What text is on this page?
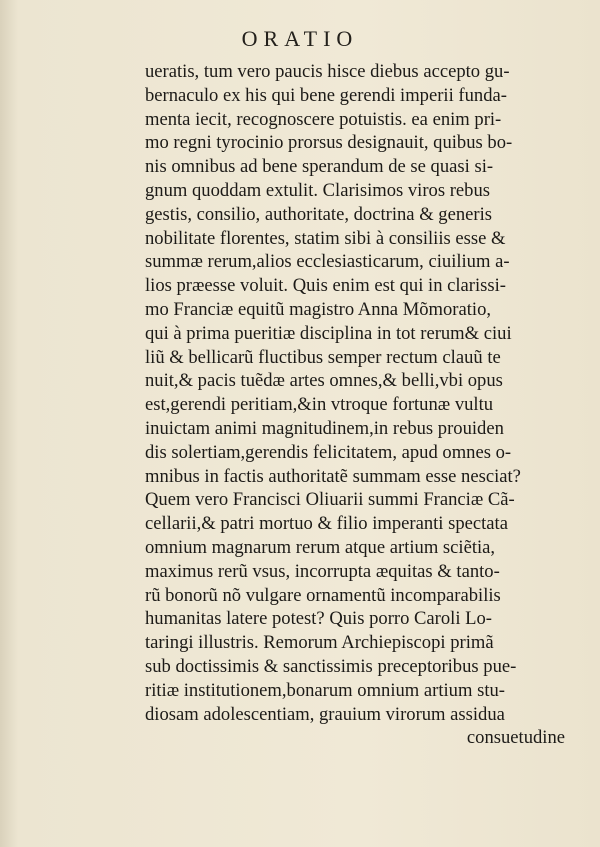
ORATIO
ueratis, tum vero paucis hisce diebus accepto gu-
bernaculo ex his qui bene gerendi imperii funda-
menta iecit, recognoscere potuistis. ea enim pri-
mo regni tyrocinio prorsus designauit, quibus bo-
nis omnibus ad bene sperandum de se quasi si-
gnum quoddam extulit. Clarisimos viros rebus
gestis, consilio, authoritate, doctrina & generis
nobilitate florentes, statim sibi à consiliis esse &
summæ rerum,alios ecclesiasticarum, ciuilium a-
lios præesse voluit. Quis enim est qui in clarissi-
mo Franciæ equitũ magistro Anna Mõmoratio,
qui à prima pueritiæ disciplina in tot rerum& ciui
liũ & bellicarũ fluctibus semper rectum clauũ te
nuit,& pacis tuẽdæ artes omnes,& belli,vbi opus
est,gerendi peritiam,&in vtroque fortunæ vultu
inuictam animi magnitudinem,in rebus prouiden
dis solertiam,gerendis felicitatem, apud omnes o-
mnibus in factis authoritatẽ summam esse nesciat?
Quem vero Francisci Oliuarii summi Franciæ Cã-
cellarii,& patri mortuo & filio imperanti spectata
omnium magnarum rerum atque artium sciẽtia,
maximus rerũ vsus, incorrupta æquitas & tanto-
rũ bonorũ nõ vulgare ornamentũ incomparabilis
humanitas latere potest? Quis porro Caroli Lo-
taringi illustris. Remorum Archiepiscopi primã
sub doctissimis & sanctissimis preceptoribus pue-
ritiæ institutionem,bonarum omnium artium stu-
diosam adolescentiam, grauium virorum assidua
consuetudine
